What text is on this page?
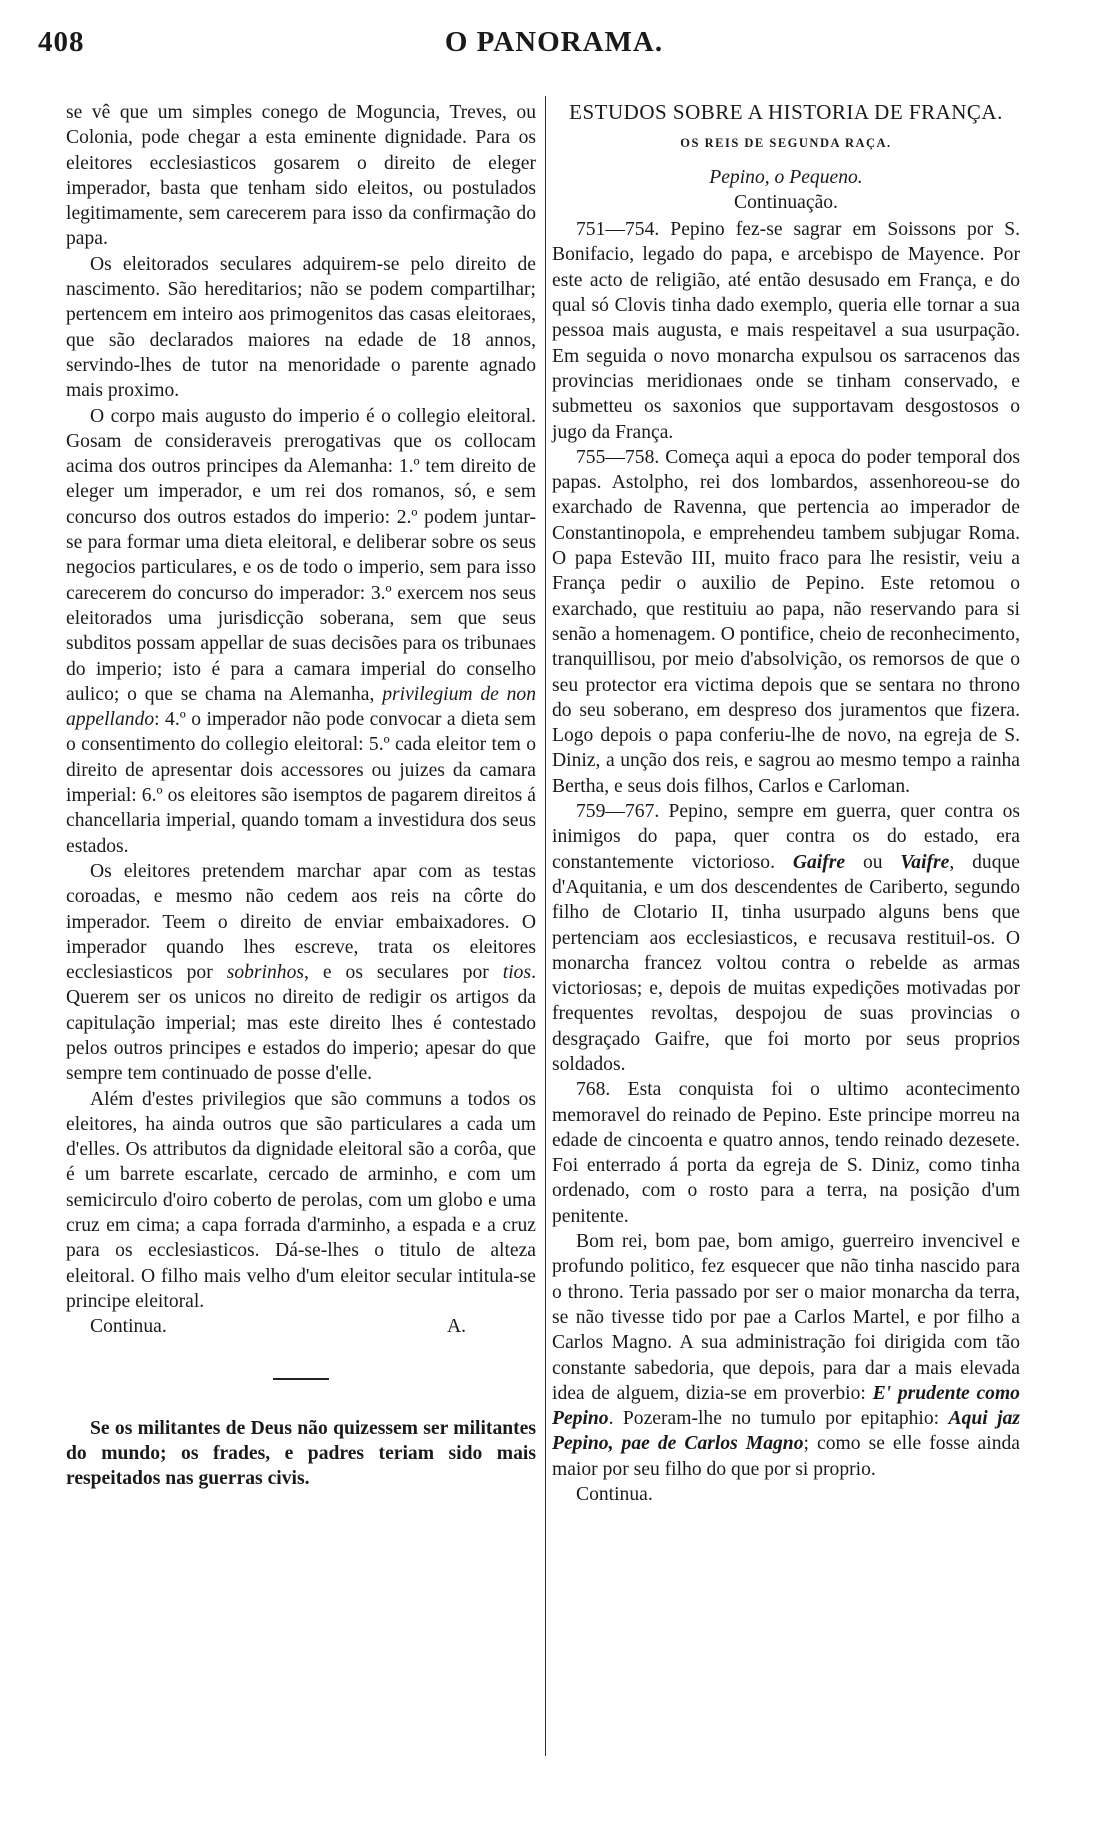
408	O PANORAMA.

se vê que um simples conego de Moguncia, Treves, ou Colonia, pode chegar a esta eminente dignidade. Para os eleitores ecclesiasticos gosarem o direito de eleger imperador, basta que tenham sido eleitos, ou postulados legitimamente, sem carecerem para isso da confirmação do papa.

Os eleitorados seculares adquirem-se pelo direito de nascimento. São hereditarios; não se podem compartilhar; pertencem em inteiro aos primogenitos das casas eleitoraes, que são declarados maiores na edade de 18 annos, servindo-lhes de tutor na menoridade o parente agnado mais proximo.

O corpo mais augusto do imperio é o collegio eleitoral. Gosam de consideraveis prerogativas que os collocam acima dos outros principes da Alemanha: 1.º tem direito de eleger um imperador, e um rei dos romanos, só, e sem concurso dos outros estados do imperio: 2.º podem juntar-se para formar uma dieta eleitoral, e deliberar sobre os seus negocios particulares, e os de todo o imperio, sem para isso carecerem do concurso do imperador: 3.º exercem nos seus eleitorados uma jurisdicção soberana, sem que seus subditos possam appellar de suas decisões para os tribunaes do imperio; isto é para a camara imperial do conselho aulico; o que se chama na Alemanha, privilegium de non appellando: 4.º o imperador não pode convocar a dieta sem o consentimento do collegio eleitoral: 5.º cada eleitor tem o direito de apresentar dois accessores ou juizes da camara imperial: 6.º os eleitores são isemptos de pagarem direitos á chancellaria imperial, quando tomam a investidura dos seus estados.

Os eleitores pretendem marchar apar com as testas coroadas, e mesmo não cedem aos reis na côrte do imperador. Teem o direito de enviar embaixadores. O imperador quando lhes escreve, trata os eleitores ecclesiasticos por sobrinhos, e os seculares por tios. Querem ser os unicos no direito de redigir os artigos da capitulação imperial; mas este direito lhes é contestado pelos outros principes e estados do imperio; apesar do que sempre tem continuado de posse d'elle.

Além d'estes privilegios que são communs a todos os eleitores, ha ainda outros que são particulares a cada um d'elles. Os attributos da dignidade eleitoral são a corôa, que é um barrete escarlate, cercado de arminho, e com um semicirculo d'oiro coberto de perolas, com um globo e uma cruz em cima; a capa forrada d'arminho, a espada e a cruz para os ecclesiasticos. Dá-se-lhes o titulo de alteza eleitoral. O filho mais velho d'um eleitor secular intitula-se principe eleitoral.

Continua.	A.

Se os militantes de Deus não quizessem ser militantes do mundo; os frades, e padres teriam sido mais respeitados nas guerras civis.

ESTUDOS SOBRE A HISTORIA DE FRANÇA.

OS REIS DE SEGUNDA RAÇA.

Pepino, o Pequeno.

Continuação.

751—754. Pepino fez-se sagrar em Soissons por S. Bonifacio, legado do papa, e arcebispo de Mayence. Por este acto de religião, até então desusado em França, e do qual só Clovis tinha dado exemplo, queria elle tornar a sua pessoa mais augusta, e mais respeitavel a sua usurpação. Em seguida o novo monarcha expulsou os sarracenos das provincias meridionaes onde se tinham conservado, e submetteu os saxonios que supportavam desgostosos o jugo da França.

755—758. Começa aqui a epoca do poder temporal dos papas. Astolpho, rei dos lombardos, assenhoreou-se do exarchado de Ravenna, que pertencia ao imperador de Constantinopola, e emprehendeu tambem subjugar Roma. O papa Estevão III, muito fraco para lhe resistir, veiu a França pedir o auxilio de Pepino. Este retomou o exarchado, que restituiu ao papa, não reservando para si senão a homenagem. O pontifice, cheio de reconhecimento, tranquillisou, por meio d'absolvição, os remorsos de que o seu protector era victima depois que se sentara no throno do seu soberano, em despreso dos juramentos que fizera. Logo depois o papa conferiu-lhe de novo, na egreja de S. Diniz, a unção dos reis, e sagrou ao mesmo tempo a rainha Bertha, e seus dois filhos, Carlos e Carloman.

759—767. Pepino, sempre em guerra, quer contra os inimigos do papa, quer contra os do estado, era constantemente victorioso. Gaifre ou Vaifre, duque d'Aquitania, e um dos descendentes de Cariberto, segundo filho de Clotario II, tinha usurpado alguns bens que pertenciam aos ecclesiasticos, e recusava restituil-os. O monarcha francez voltou contra o rebelde as armas victoriosas; e, depois de muitas expedições motivadas por frequentes revoltas, despojou de suas provincias o desgraçado Gaifre, que foi morto por seus proprios soldados.

768. Esta conquista foi o ultimo acontecimento memoravel do reinado de Pepino. Este principe morreu na edade de cincoenta e quatro annos, tendo reinado dezesete. Foi enterrado á porta da egreja de S. Diniz, como tinha ordenado, com o rosto para a terra, na posição d'um penitente.

Bom rei, bom pae, bom amigo, guerreiro invencivel e profundo politico, fez esquecer que não tinha nascido para o throno. Teria passado por ser o maior monarcha da terra, se não tivesse tido por pae a Carlos Martel, e por filho a Carlos Magno. A sua administração foi dirigida com tão constante sabedoria, que depois, para dar a mais elevada idea de alguem, dizia-se em proverbio: E' prudente como Pepino. Pozeram-lhe no tumulo por epitaphio: Aqui jaz Pepino, pae de Carlos Magno; como se elle fosse ainda maior por seu filho do que por si proprio.

Continua.
